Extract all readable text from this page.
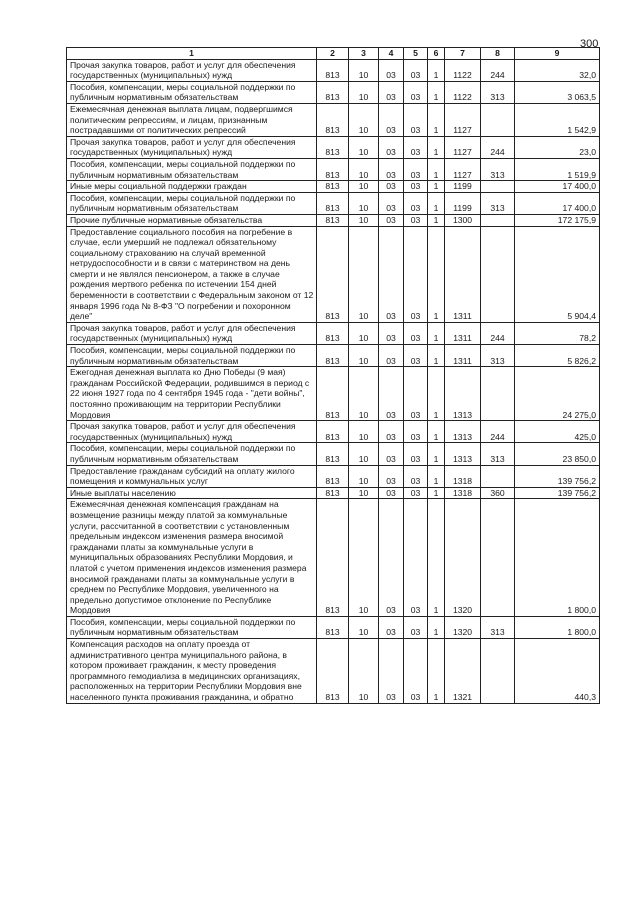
300
1	2	3	4	5	6	7	8	9
Прочая закупка товаров, работ и услуг для обеспечения государственных (муниципальных) нужд	813	10	03	03	1	1122	244	32,0
Пособия, компенсации, меры социальной поддержки по публичным нормативным обязательствам	813	10	03	03	1	1122	313	3 063,5
Ежемесячная денежная выплата лицам, подвергшимся политическим репрессиям, и лицам, признанным пострадавшими от политических репрессий	813	10	03	03	1	1127		1 542,9
Прочая закупка товаров, работ и услуг для обеспечения государственных (муниципальных) нужд	813	10	03	03	1	1127	244	23,0
Пособия, компенсации, меры социальной поддержки по публичным нормативным обязательствам	813	10	03	03	1	1127	313	1 519,9
Иные меры социальной поддержки граждан	813	10	03	03	1	1199		17 400,0
Пособия, компенсации, меры социальной поддержки по публичным нормативным обязательствам	813	10	03	03	1	1199	313	17 400,0
Прочие публичные нормативные обязательства	813	10	03	03	1	1300		172 175,9
Предоставление социального пособия на погребение в случае, если умерший не подлежал обязательному социальному страхованию на случай временной нетрудоспособности и в связи с материнством на день смерти и не являлся пенсионером, а также в случае рождения мертвого ребенка по истечении 154 дней беременности в соответствии с Федеральным законом от 12 января 1996 года № 8-ФЗ "О погребении и похоронном деле"	813	10	03	03	1	1311		5 904,4
Прочая закупка товаров, работ и услуг для обеспечения государственных (муниципальных) нужд	813	10	03	03	1	1311	244	78,2
Пособия, компенсации, меры социальной поддержки по публичным нормативным обязательствам	813	10	03	03	1	1311	313	5 826,2
Ежегодная денежная выплата ко Дню Победы (9 мая) гражданам Российской Федерации, родившимся в период с 22 июня 1927 года по 4 сентября 1945 года - "дети войны", постоянно проживающим на территории Республики Мордовия	813	10	03	03	1	1313		24 275,0
Прочая закупка товаров, работ и услуг для обеспечения государственных (муниципальных) нужд	813	10	03	03	1	1313	244	425,0
Пособия, компенсации, меры социальной поддержки по публичным нормативным обязательствам	813	10	03	03	1	1313	313	23 850,0
Предоставление гражданам субсидий на оплату жилого помещения и коммунальных услуг	813	10	03	03	1	1318		139 756,2
Иные выплаты населению	813	10	03	03	1	1318	360	139 756,2
Ежемесячная денежная компенсация гражданам на возмещение разницы между платой за коммунальные услуги, рассчитанной в соответствии с установленным предельным индексом изменения размера вносимой гражданами платы за коммунальные услуги в муниципальных образованиях Республики Мордовия, и платой с учетом применения индексов изменения размера вносимой гражданами платы за коммунальные услуги в среднем по Республике Мордовия, увеличенного на предельно допустимое отклонение по Республике Мордовия	813	10	03	03	1	1320		1 800,0
Пособия, компенсации, меры социальной поддержки по публичным нормативным обязательствам	813	10	03	03	1	1320	313	1 800,0
Компенсация расходов на оплату проезда от административного центра муниципального района, в котором проживает гражданин, к месту проведения программного гемодиализа в медицинских организациях, расположенных на территории Республики Мордовия вне населенного пункта проживания гражданина, и обратно	813	10	03	03	1	1321		440,3
